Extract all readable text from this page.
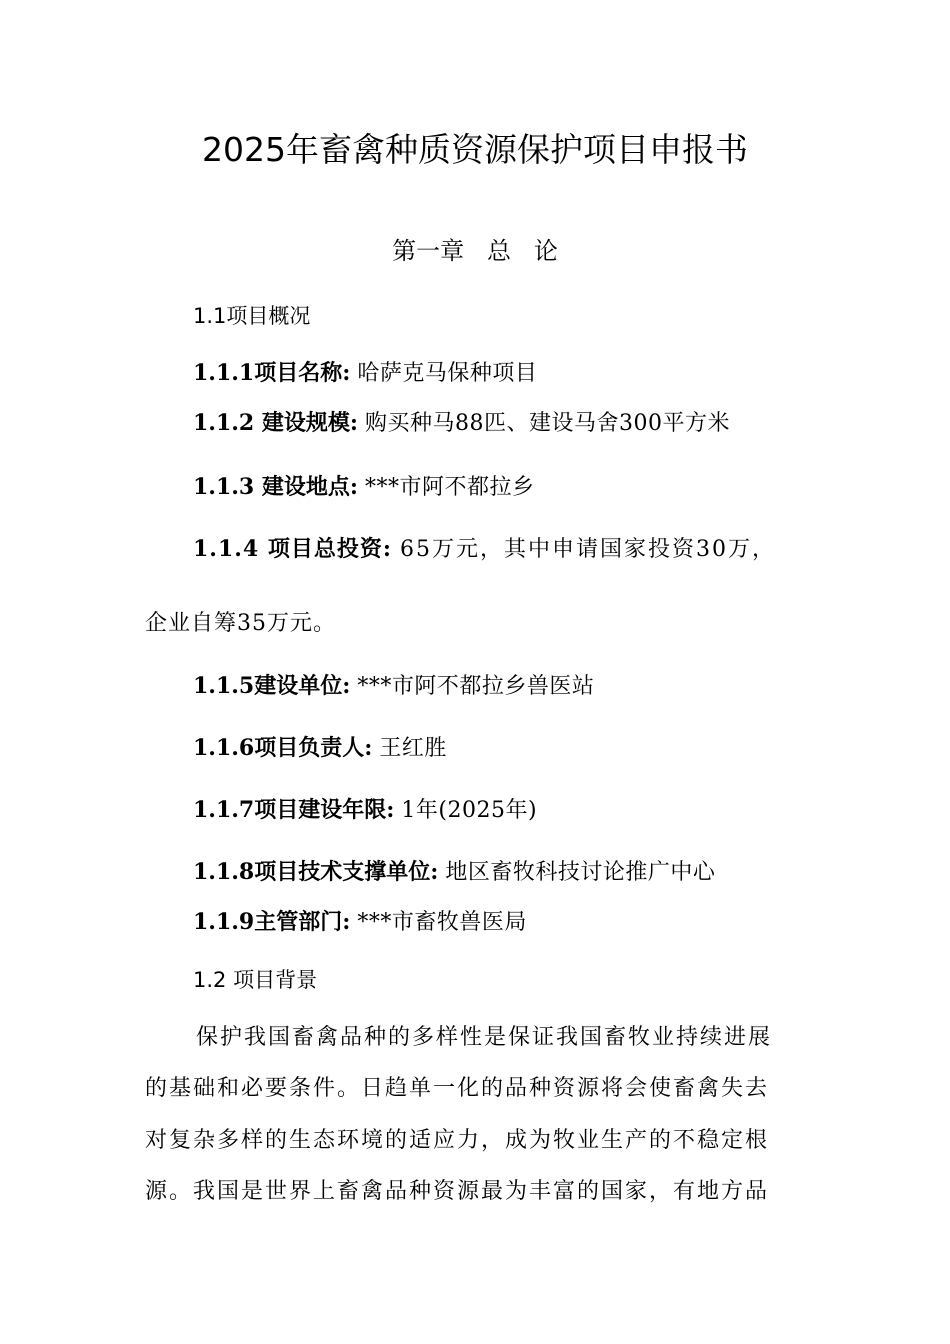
2025年畜禽种质资源保护项目申报书
第一章   总   论
1.1项目概况
1.1.1项目名称: 哈萨克马保种项目
1.1.2 建设规模: 购买种马88匹、建设马舍300平方米
1.1.3 建设地点: ***市阿不都拉乡
1.1.4 项目总投资: 65万元，其中申请国家投资30万，
企业自筹35万元。
1.1.5建设单位: ***市阿不都拉乡兽医站
1.1.6项目负责人: 王红胜
1.1.7项目建设年限: 1年(2025年)
1.1.8项目技术支撑单位: 地区畜牧科技讨论推广中心
1.1.9主管部门: ***市畜牧兽医局
1.2 项目背景
保护我国畜禽品种的多样性是保证我国畜牧业持续进展
的基础和必要条件。日趋单一化的品种资源将会使畜禽失去
对复杂多样的生态环境的适应力，成为牧业生产的不稳定根
源。我国是世界上畜禽品种资源最为丰富的国家，有地方品
